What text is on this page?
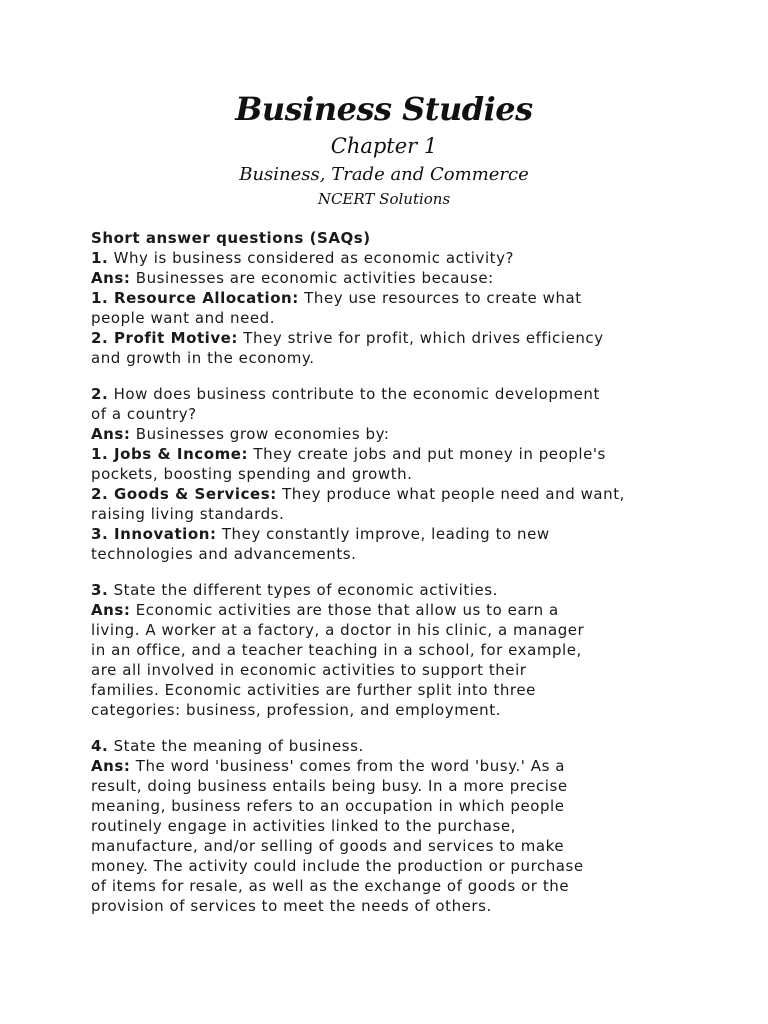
Business Studies
Chapter 1
Business, Trade and Commerce
NCERT Solutions
Short answer questions (SAQs)
1. Why is business considered as economic activity?
Ans: Businesses are economic activities because:
1. Resource Allocation: They use resources to create what
people want and need.
2. Profit Motive: They strive for profit, which drives efficiency
and growth in the economy.
2. How does business contribute to the economic development
of a country?
Ans: Businesses grow economies by:
1. Jobs & Income: They create jobs and put money in people's
pockets, boosting spending and growth.
2. Goods & Services: They produce what people need and want,
raising living standards.
3. Innovation: They constantly improve, leading to new
technologies and advancements.
3. State the different types of economic activities.
Ans: Economic activities are those that allow us to earn a
living. A worker at a factory, a doctor in his clinic, a manager
in an office, and a teacher teaching in a school, for example,
are all involved in economic activities to support their
families. Economic activities are further split into three
categories: business, profession, and employment.
4. State the meaning of business.
Ans: The word 'business' comes from the word 'busy.' As a
result, doing business entails being busy. In a more precise
meaning, business refers to an occupation in which people
routinely engage in activities linked to the purchase,
manufacture, and/or selling of goods and services to make
money. The activity could include the production or purchase
of items for resale, as well as the exchange of goods or the
provision of services to meet the needs of others.
